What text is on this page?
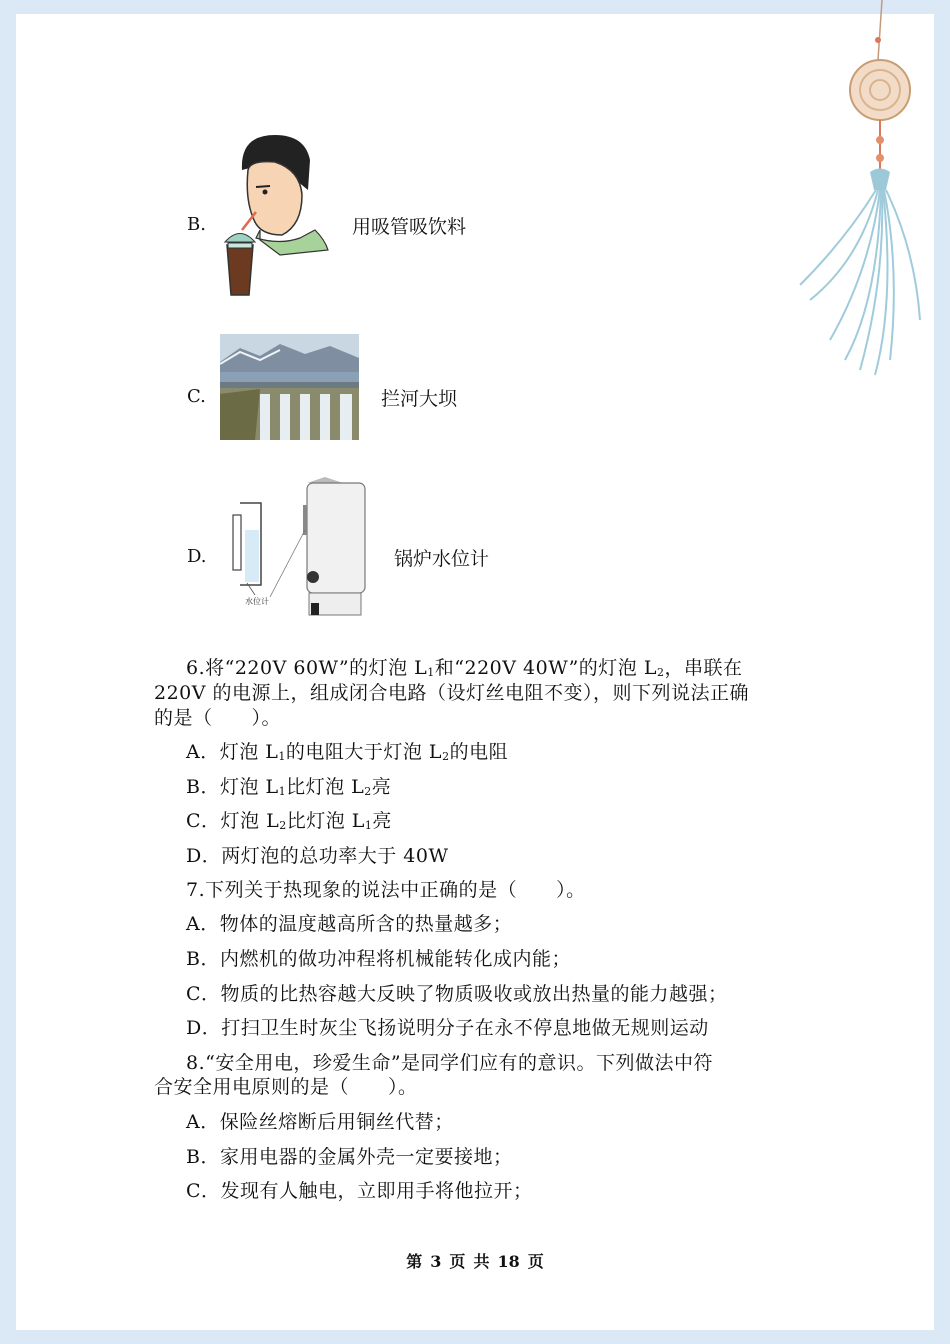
B.	用吸管吸饮料
C.	拦河大坝
D.
水位计
锅炉水位计
6.将“220V 60W”的灯泡 $L_1$和“220V 40W”的灯泡 $L_2$，串联在
220V 的电源上，组成闭合电路（设灯丝电阻不变），则下列说法正确
的是（　　）。
A．灯泡 $L_1$的电阻大于灯泡 $L_2$的电阻
B．灯泡 $L_1$比灯泡 $L_2$亮
C．灯泡 $L_2$比灯泡 $L_1$亮
D．两灯泡的总功率大于 40W
7.下列关于热现象的说法中正确的是（　　）。
A．物体的温度越高所含的热量越多；
B．内燃机的做功冲程将机械能转化成内能；
C．物质的比热容越大反映了物质吸收或放出热量的能力越强；
D．打扫卫生时灰尘飞扬说明分子在永不停息地做无规则运动
8.“安全用电，珍爱生命”是同学们应有的意识。下列做法中符
合安全用电原则的是（　　）。
A．保险丝熔断后用铜丝代替；
B．家用电器的金属外壳一定要接地；
C．发现有人触电，立即用手将他拉开；
第 3 页 共 18 页
